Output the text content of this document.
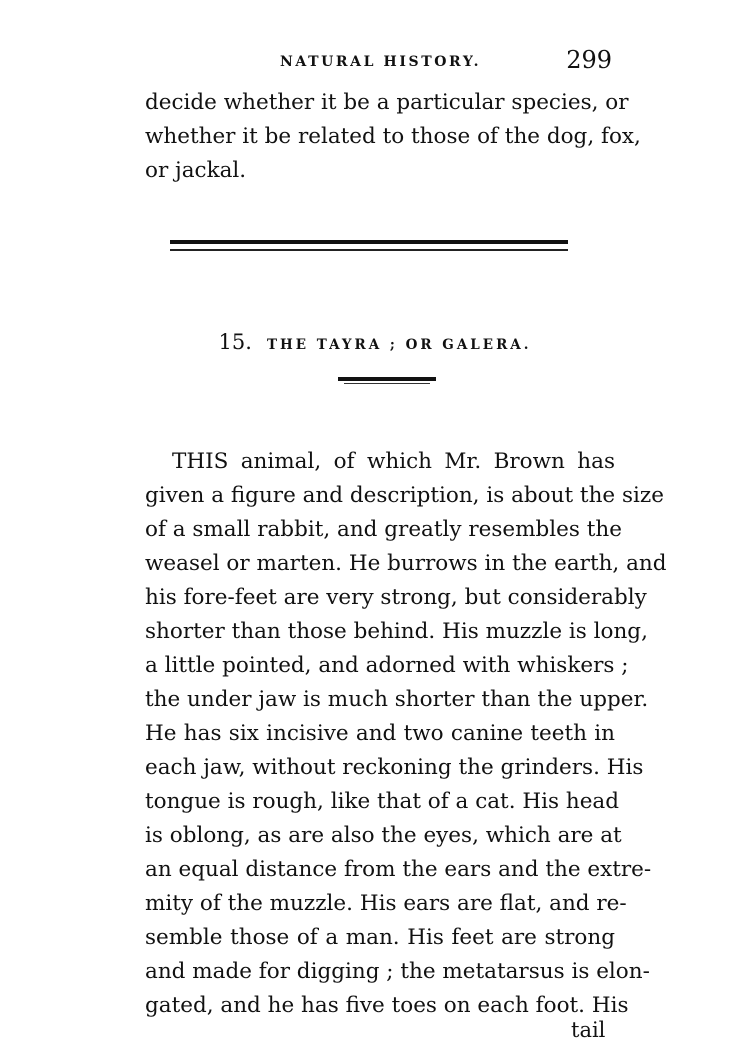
NATURAL HISTORY.	299
decide whether it be a particular species, or
whether it be related to those of the dog, fox,
or jackal.
15. THE TAYRA ; OR GALERA.
THIS animal, of which Mr. Brown has
given a figure and description, is about the size
of a small rabbit, and greatly resembles the
weasel or marten. He burrows in the earth, and
his fore-feet are very strong, but considerably
shorter than those behind. His muzzle is long,
a little pointed, and adorned with whiskers ;
the under jaw is much shorter than the upper.
He has six incisive and two canine teeth in
each jaw, without reckoning the grinders. His
tongue is rough, like that of a cat. His head
is oblong, as are also the eyes, which are at
an equal distance from the ears and the extre-
mity of the muzzle. His ears are flat, and re-
semble those of a man. His feet are strong
and made for digging ; the metatarsus is elon-
gated, and he has five toes on each foot. His
tail
